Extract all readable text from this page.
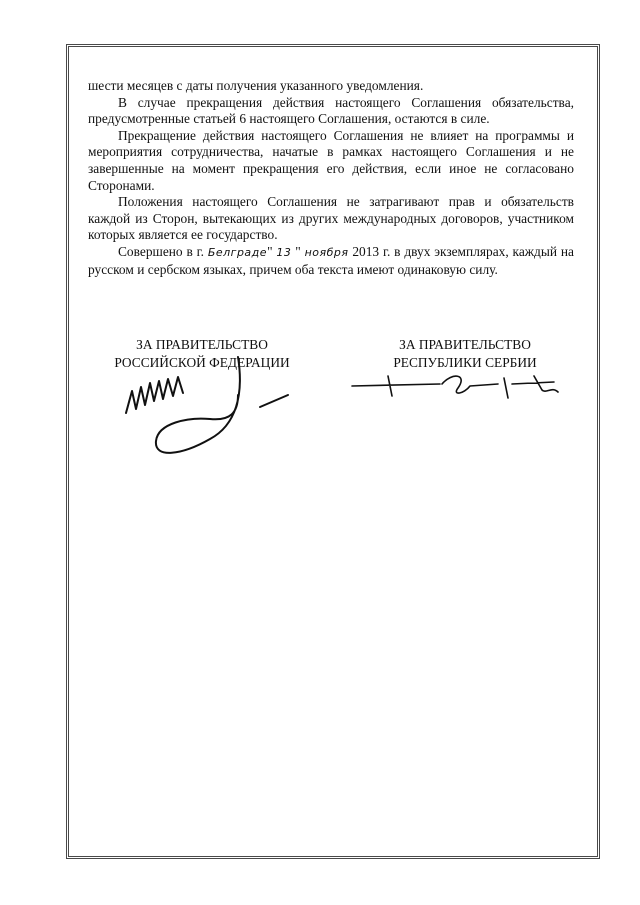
шести месяцев с даты получения указанного уведомления.

В случае прекращения действия настоящего Соглашения обязательства, предусмотренные статьей 6 настоящего Соглашения, остаются в силе.

Прекращение действия настоящего Соглашения не влияет на программы и мероприятия сотрудничества, начатые в рамках настоящего Соглашения и не завершенные на момент прекращения его действия, если иное не согласовано Сторонами.

Положения настоящего Соглашения не затрагивают прав и обязательств каждой из Сторон, вытекающих из других международных договоров, участником которых является ее государство.

Совершено в г. Белграде" 13 " ноября 2013 г. в двух экземплярах, каждый на русском и сербском языках, причем оба текста имеют одинаковую силу.

ЗА ПРАВИТЕЛЬСТВО
РОССИЙСКОЙ ФЕДЕРАЦИИ
ЗА ПРАВИТЕЛЬСТВО
РЕСПУБЛИКИ СЕРБИИ
